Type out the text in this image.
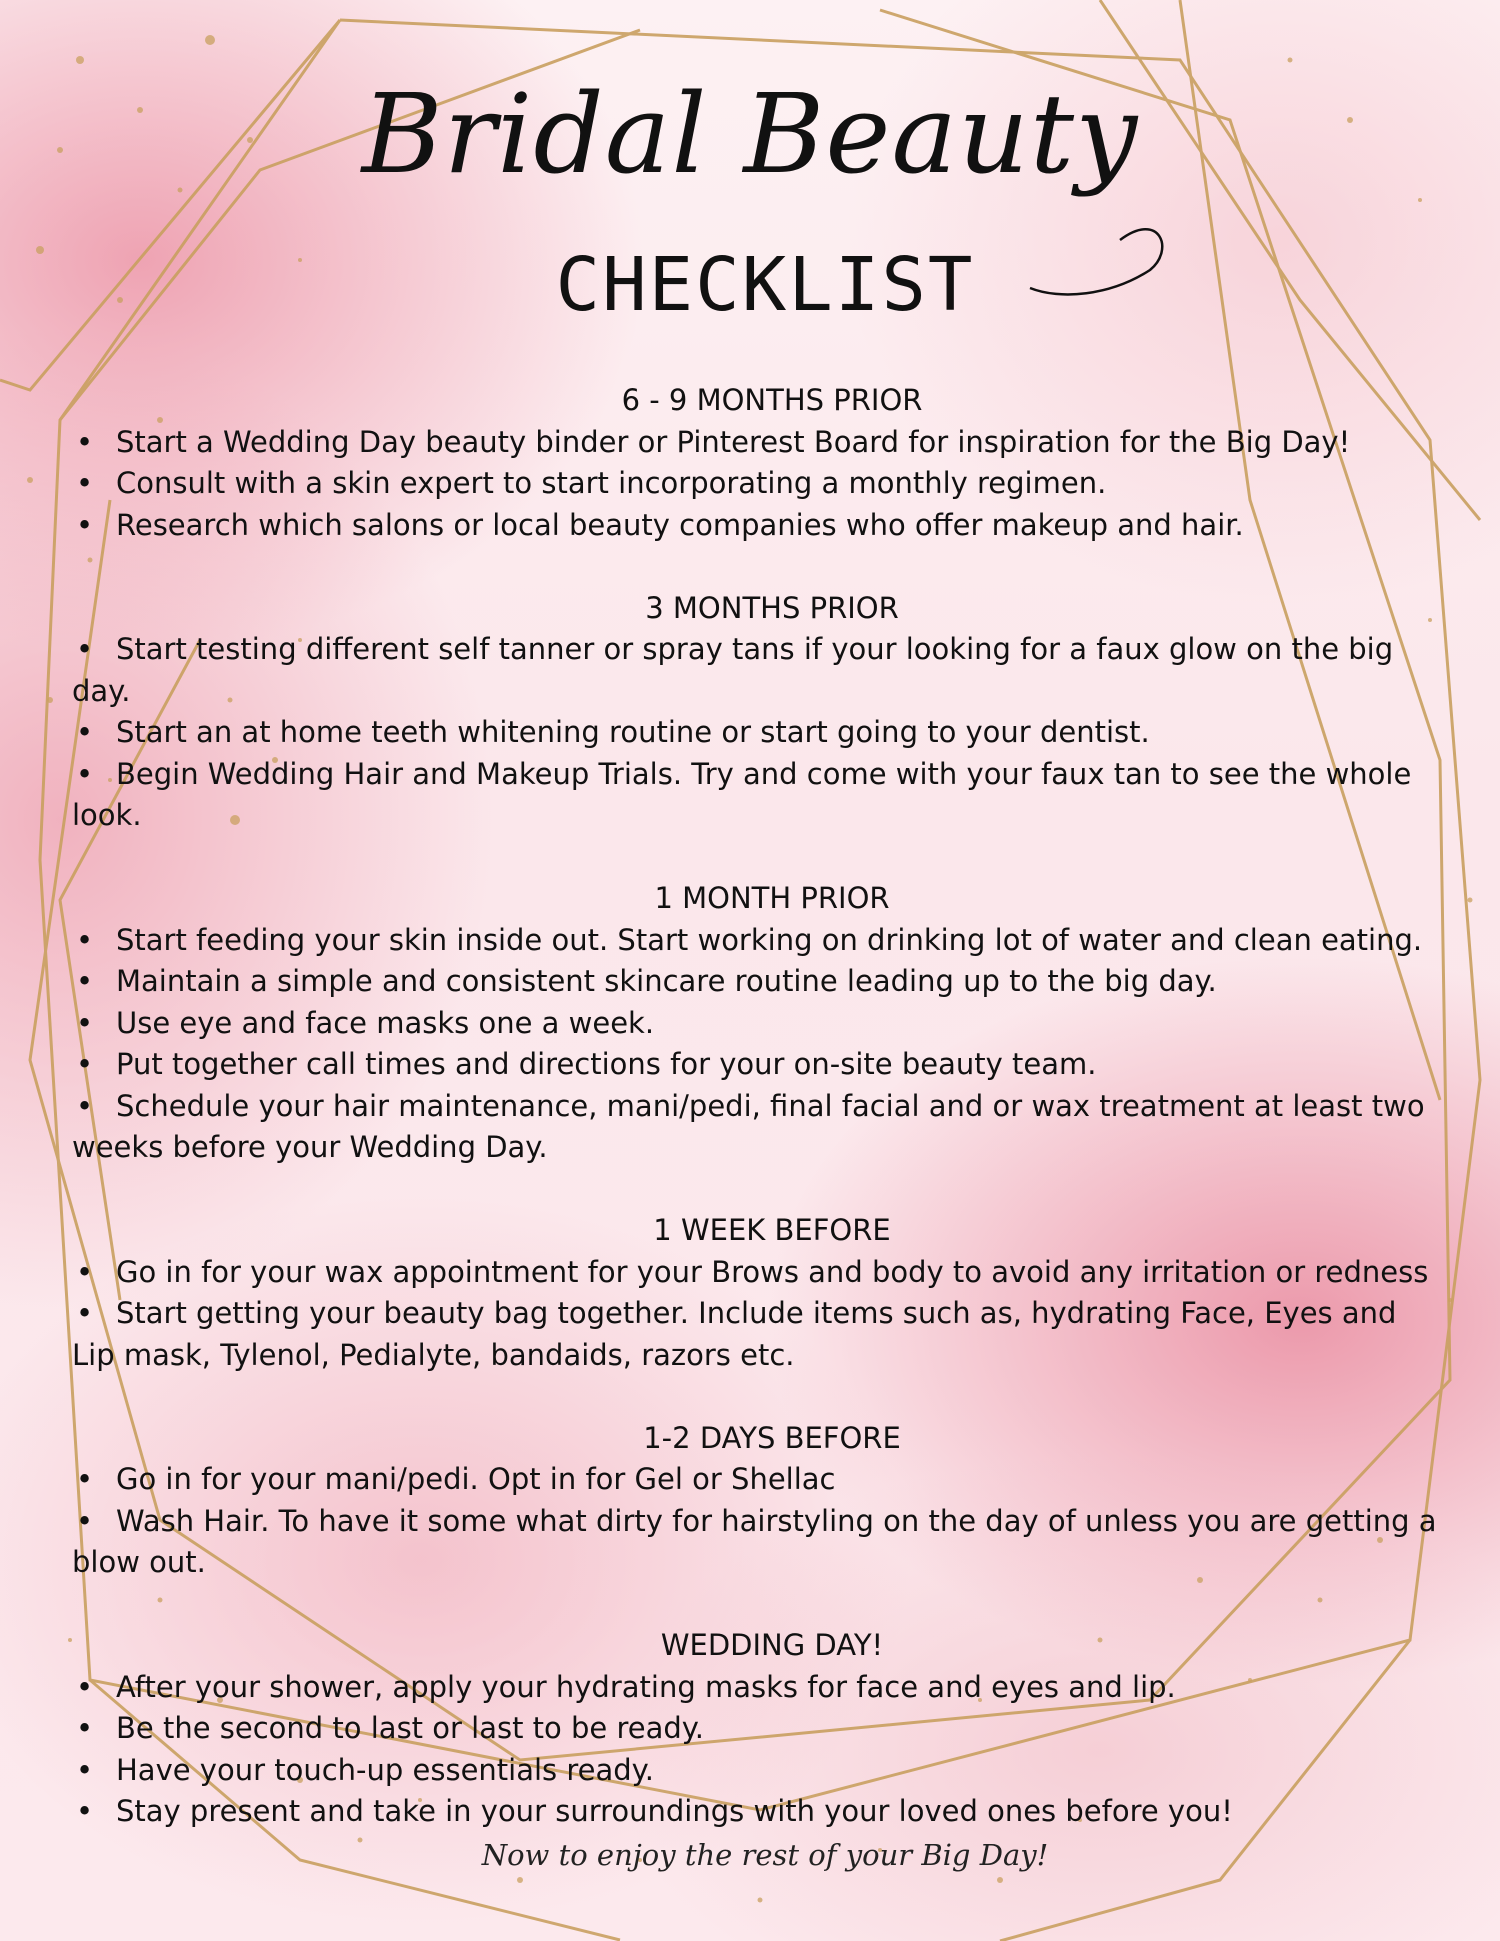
Bridal Beauty
CHECKLIST
6 - 9 MONTHS PRIOR
• Start a Wedding Day beauty binder or Pinterest Board for inspiration for the Big Day!
• Consult with a skin expert to start incorporating a monthly regimen.
• Research which salons or local beauty companies who offer makeup and hair.
3 MONTHS PRIOR
• Start testing different self tanner or spray tans if your looking for a faux glow on the big day.
• Start an at home teeth whitening routine or start going to your dentist.
• Begin Wedding Hair and Makeup Trials. Try and come with your faux tan to see the whole look.
1 MONTH PRIOR
• Start feeding your skin inside out. Start working on drinking lot of water and clean eating.
• Maintain a simple and consistent skincare routine leading up to the big day.
• Use eye and face masks one a week.
• Put together call times and directions for your on-site beauty team.
• Schedule your hair maintenance, mani/pedi, final facial and or wax treatment at least two weeks before your Wedding Day.
1 WEEK BEFORE
• Go in for your wax appointment for your Brows and body to avoid any irritation or redness
• Start getting your beauty bag together. Include items such as, hydrating Face, Eyes and Lip mask, Tylenol, Pedialyte, bandaids, razors etc.
1-2 DAYS BEFORE
• Go in for your mani/pedi. Opt in for Gel or Shellac
• Wash Hair. To have it some what dirty for hairstyling on the day of unless you are getting a blow out.
WEDDING DAY!
• After your shower, apply your hydrating masks for face and eyes and lip.
• Be the second to last or last to be ready.
• Have your touch-up essentials ready.
• Stay present and take in your surroundings with your loved ones before you!
Now to enjoy the rest of your Big Day!
